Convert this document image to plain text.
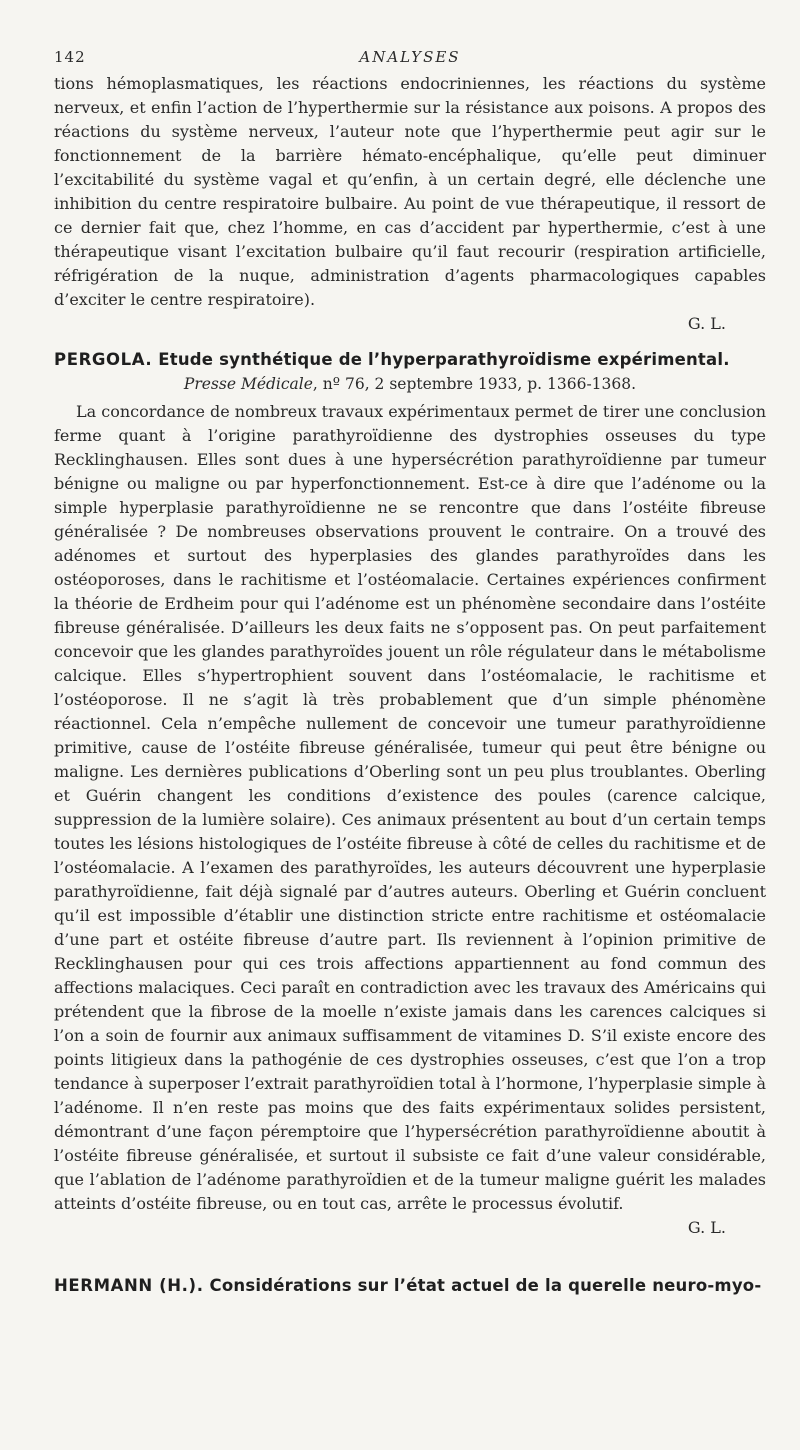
142	ANALYSES

tions hémoplasmatiques, les réactions endocriniennes, les réactions du système nerveux, et enfin l’action de l’hyperthermie sur la résistance aux poisons. A propos des réactions du système nerveux, l’auteur note que l’hyperthermie peut agir sur le fonctionnement de la barrière hémato-encéphalique, qu’elle peut diminuer l’excitabilité du système vagal et qu’enfin, à un certain degré, elle déclenche une inhibition du centre respiratoire bulbaire. Au point de vue thérapeutique, il ressort de ce dernier fait que, chez l’homme, en cas d’accident par hyperthermie, c’est à une thérapeutique visant l’excitation bulbaire qu’il faut recourir (respiration artificielle, réfrigération de la nuque, administration d’agents pharmacologiques capables d’exciter le centre respiratoire).

G. L.

PERGOLA. Etude synthétique de l’hyperparathyroïdisme expérimental.

Presse Médicale, nº 76, 2 septembre 1933, p. 1366-1368.

La concordance de nombreux travaux expérimentaux permet de tirer une conclusion ferme quant à l’origine parathyroïdienne des dystrophies osseuses du type Recklinghausen. Elles sont dues à une hypersécrétion parathyroïdienne par tumeur bénigne ou maligne ou par hyperfonctionnement. Est-ce à dire que l’adénome ou la simple hyperplasie parathyroïdienne ne se rencontre que dans l’ostéite fibreuse généralisée ? De nombreuses observations prouvent le contraire. On a trouvé des adénomes et surtout des hyperplasies des glandes parathyroïdes dans les ostéoporoses, dans le rachitisme et l’ostéomalacie. Certaines expériences confirment la théorie de Erdheim pour qui l’adénome est un phénomène secondaire dans l’ostéite fibreuse généralisée. D’ailleurs les deux faits ne s’opposent pas. On peut parfaitement concevoir que les glandes parathyroïdes jouent un rôle régulateur dans le métabolisme calcique. Elles s’hypertrophient souvent dans l’ostéomalacie, le rachitisme et l’ostéoporose. Il ne s’agit là très probablement que d’un simple phénomène réactionnel. Cela n’empêche nullement de concevoir une tumeur parathyroïdienne primitive, cause de l’ostéite fibreuse généralisée, tumeur qui peut être bénigne ou maligne. Les dernières publications d’Oberling sont un peu plus troublantes. Oberling et Guérin changent les conditions d’existence des poules (carence calcique, suppression de la lumière solaire). Ces animaux présentent au bout d’un certain temps toutes les lésions histologiques de l’ostéite fibreuse à côté de celles du rachitisme et de l’ostéomalacie. A l’examen des parathyroïdes, les auteurs découvrent une hyperplasie parathyroïdienne, fait déjà signalé par d’autres auteurs. Oberling et Guérin concluent qu’il est impossible d’établir une distinction stricte entre rachitisme et ostéomalacie d’une part et ostéite fibreuse d’autre part. Ils reviennent à l’opinion primitive de Recklinghausen pour qui ces trois affections appartiennent au fond commun des affections malaciques. Ceci paraît en contradiction avec les travaux des Américains qui prétendent que la fibrose de la moelle n’existe jamais dans les carences calciques si l’on a soin de fournir aux animaux suffisamment de vitamines D. S’il existe encore des points litigieux dans la pathogénie de ces dystrophies osseuses, c’est que l’on a trop tendance à superposer l’extrait parathyroïdien total à l’hormone, l’hyperplasie simple à l’adénome. Il n’en reste pas moins que des faits expérimentaux solides persistent, démontrant d’une façon péremptoire que l’hypersécrétion parathyroïdienne aboutit à l’ostéite fibreuse généralisée, et surtout il subsiste ce fait d’une valeur considérable, que l’ablation de l’adénome parathyroïdien et de la tumeur maligne guérit les malades atteints d’ostéite fibreuse, ou en tout cas, arrête le processus évolutif.

G. L.

HERMANN (H.). Considérations sur l’état actuel de la querelle neuro-myo-
